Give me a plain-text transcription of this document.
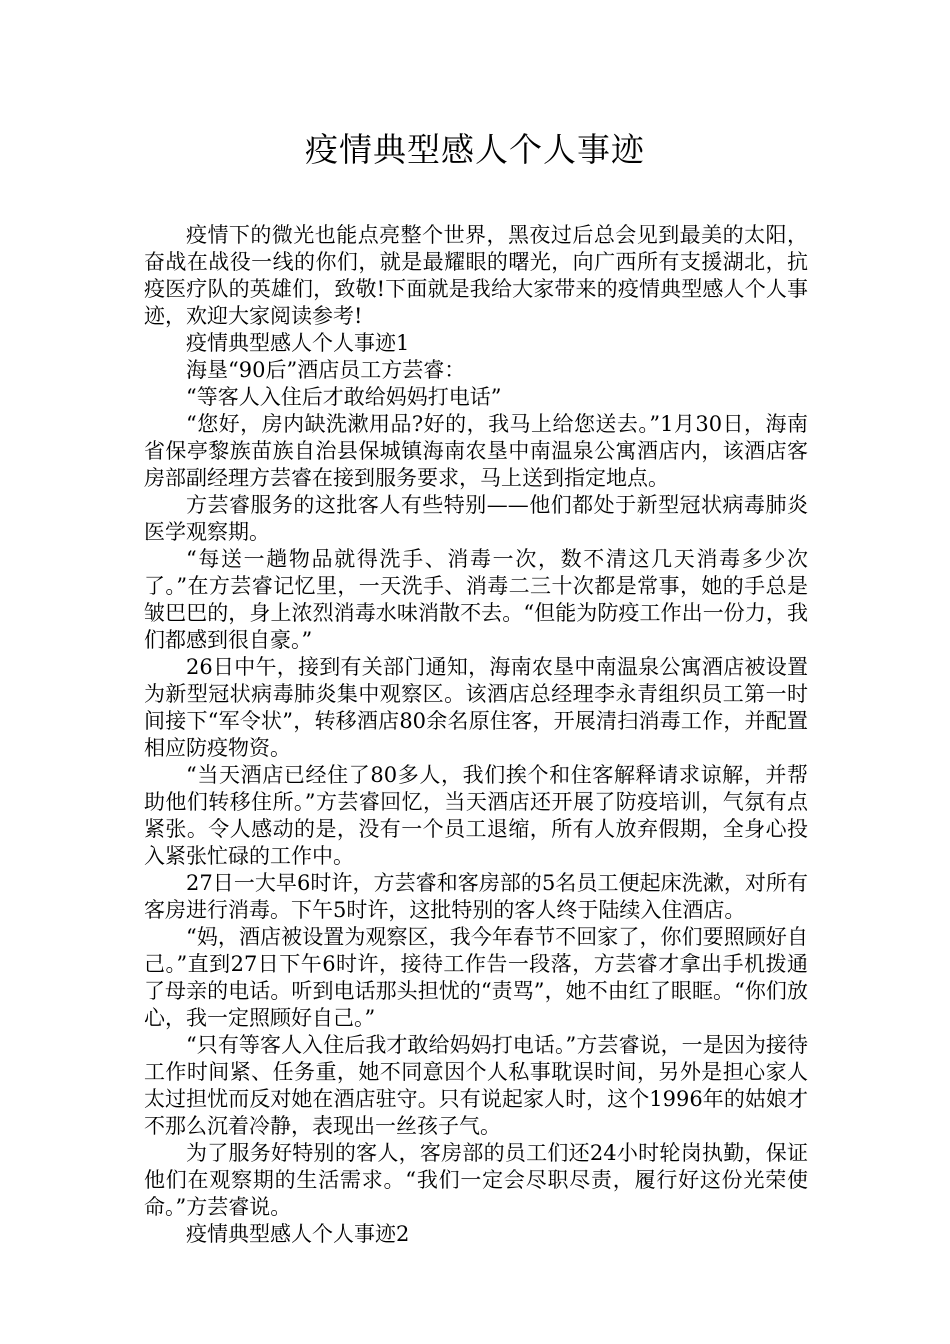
疫情典型感人个人事迹

疫情下的微光也能点亮整个世界，黑夜过后总会见到最美的太阳，奋战在战役一线的你们，就是最耀眼的曙光，向广西所有支援湖北，抗疫医疗队的英雄们，致敬!下面就是我给大家带来的疫情典型感人个人事迹，欢迎大家阅读参考!

疫情典型感人个人事迹1

海垦“90后”酒店员工方芸睿：

“等客人入住后才敢给妈妈打电话”

“您好，房内缺洗漱用品?好的，我马上给您送去。”1月30日，海南省保亭黎族苗族自治县保城镇海南农垦中南温泉公寓酒店内，该酒店客房部副经理方芸睿在接到服务要求，马上送到指定地点。

方芸睿服务的这批客人有些特别——他们都处于新型冠状病毒肺炎医学观察期。

“每送一趟物品就得洗手、消毒一次，数不清这几天消毒多少次了。”在方芸睿记忆里，一天洗手、消毒二三十次都是常事，她的手总是皱巴巴的，身上浓烈消毒水味消散不去。“但能为防疫工作出一份力，我们都感到很自豪。”

26日中午，接到有关部门通知，海南农垦中南温泉公寓酒店被设置为新型冠状病毒肺炎集中观察区。该酒店总经理李永青组织员工第一时间接下“军令状”，转移酒店80余名原住客，开展清扫消毒工作，并配置相应防疫物资。

“当天酒店已经住了80多人，我们挨个和住客解释请求谅解，并帮助他们转移住所。”方芸睿回忆，当天酒店还开展了防疫培训，气氛有点紧张。令人感动的是，没有一个员工退缩，所有人放弃假期，全身心投入紧张忙碌的工作中。

27日一大早6时许，方芸睿和客房部的5名员工便起床洗漱，对所有客房进行消毒。下午5时许，这批特别的客人终于陆续入住酒店。

“妈，酒店被设置为观察区，我今年春节不回家了，你们要照顾好自己。”直到27日下午6时许，接待工作告一段落，方芸睿才拿出手机拨通了母亲的电话。听到电话那头担忧的“责骂”，她不由红了眼眶。“你们放心，我一定照顾好自己。”

“只有等客人入住后我才敢给妈妈打电话。”方芸睿说，一是因为接待工作时间紧、任务重，她不同意因个人私事耽误时间，另外是担心家人太过担忧而反对她在酒店驻守。只有说起家人时，这个1996年的姑娘才不那么沉着冷静，表现出一丝孩子气。

为了服务好特别的客人，客房部的员工们还24小时轮岗执勤，保证他们在观察期的生活需求。“我们一定会尽职尽责，履行好这份光荣使命。”方芸睿说。

疫情典型感人个人事迹2
